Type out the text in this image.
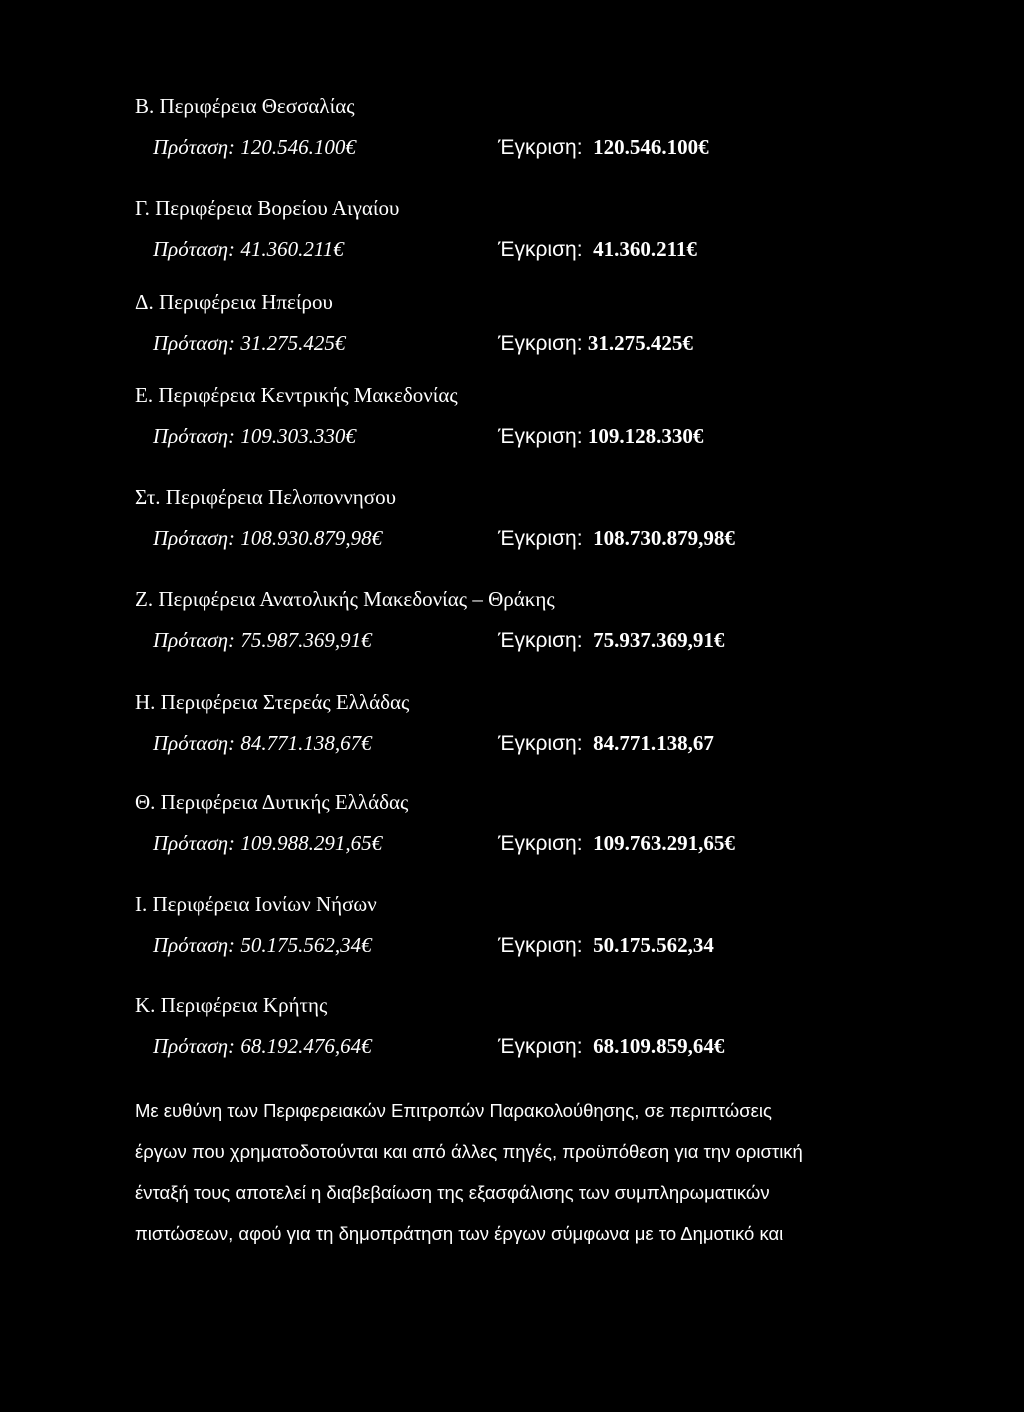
Β. Περιφέρεια Θεσσαλίας
Πρόταση: 120.546.100€	Έγκριση: 120.546.100€
Γ. Περιφέρεια Βορείου Αιγαίου
Πρόταση: 41.360.211€	Έγκριση: 41.360.211€
Δ. Περιφέρεια Ηπείρου
Πρόταση: 31.275.425€	Έγκριση: 31.275.425€
Ε. Περιφέρεια Κεντρικής Μακεδονίας
Πρόταση: 109.303.330€	Έγκριση: 109.128.330€
Στ. Περιφέρεια Πελοποννησου
Πρόταση: 108.930.879,98€	Έγκριση: 108.730.879,98€
Ζ. Περιφέρεια Ανατολικής Μακεδονίας – Θράκης
Πρόταση: 75.987.369,91€	Έγκριση: 75.937.369,91€
Η. Περιφέρεια Στερεάς Ελλάδας
Πρόταση: 84.771.138,67€	Έγκριση: 84.771.138,67
Θ. Περιφέρεια Δυτικής Ελλάδας
Πρόταση: 109.988.291,65€	Έγκριση: 109.763.291,65€
Ι. Περιφέρεια Ιονίων Νήσων
Πρόταση: 50.175.562,34€	Έγκριση: 50.175.562,34
Κ. Περιφέρεια Κρήτης
Πρόταση: 68.192.476,64€	Έγκριση: 68.109.859,64€
Με ευθύνη των Περιφερειακών Επιτροπών Παρακολούθησης, σε περιπτώσεις
έργων που χρηματοδοτούνται και από άλλες πηγές, προϋπόθεση για την οριστική
ένταξή τους αποτελεί η διαβεβαίωση της εξασφάλισης των συμπληρωματικών
πιστώσεων, αφού για τη δημοπράτηση των έργων σύμφωνα με το Δημοτικό και
